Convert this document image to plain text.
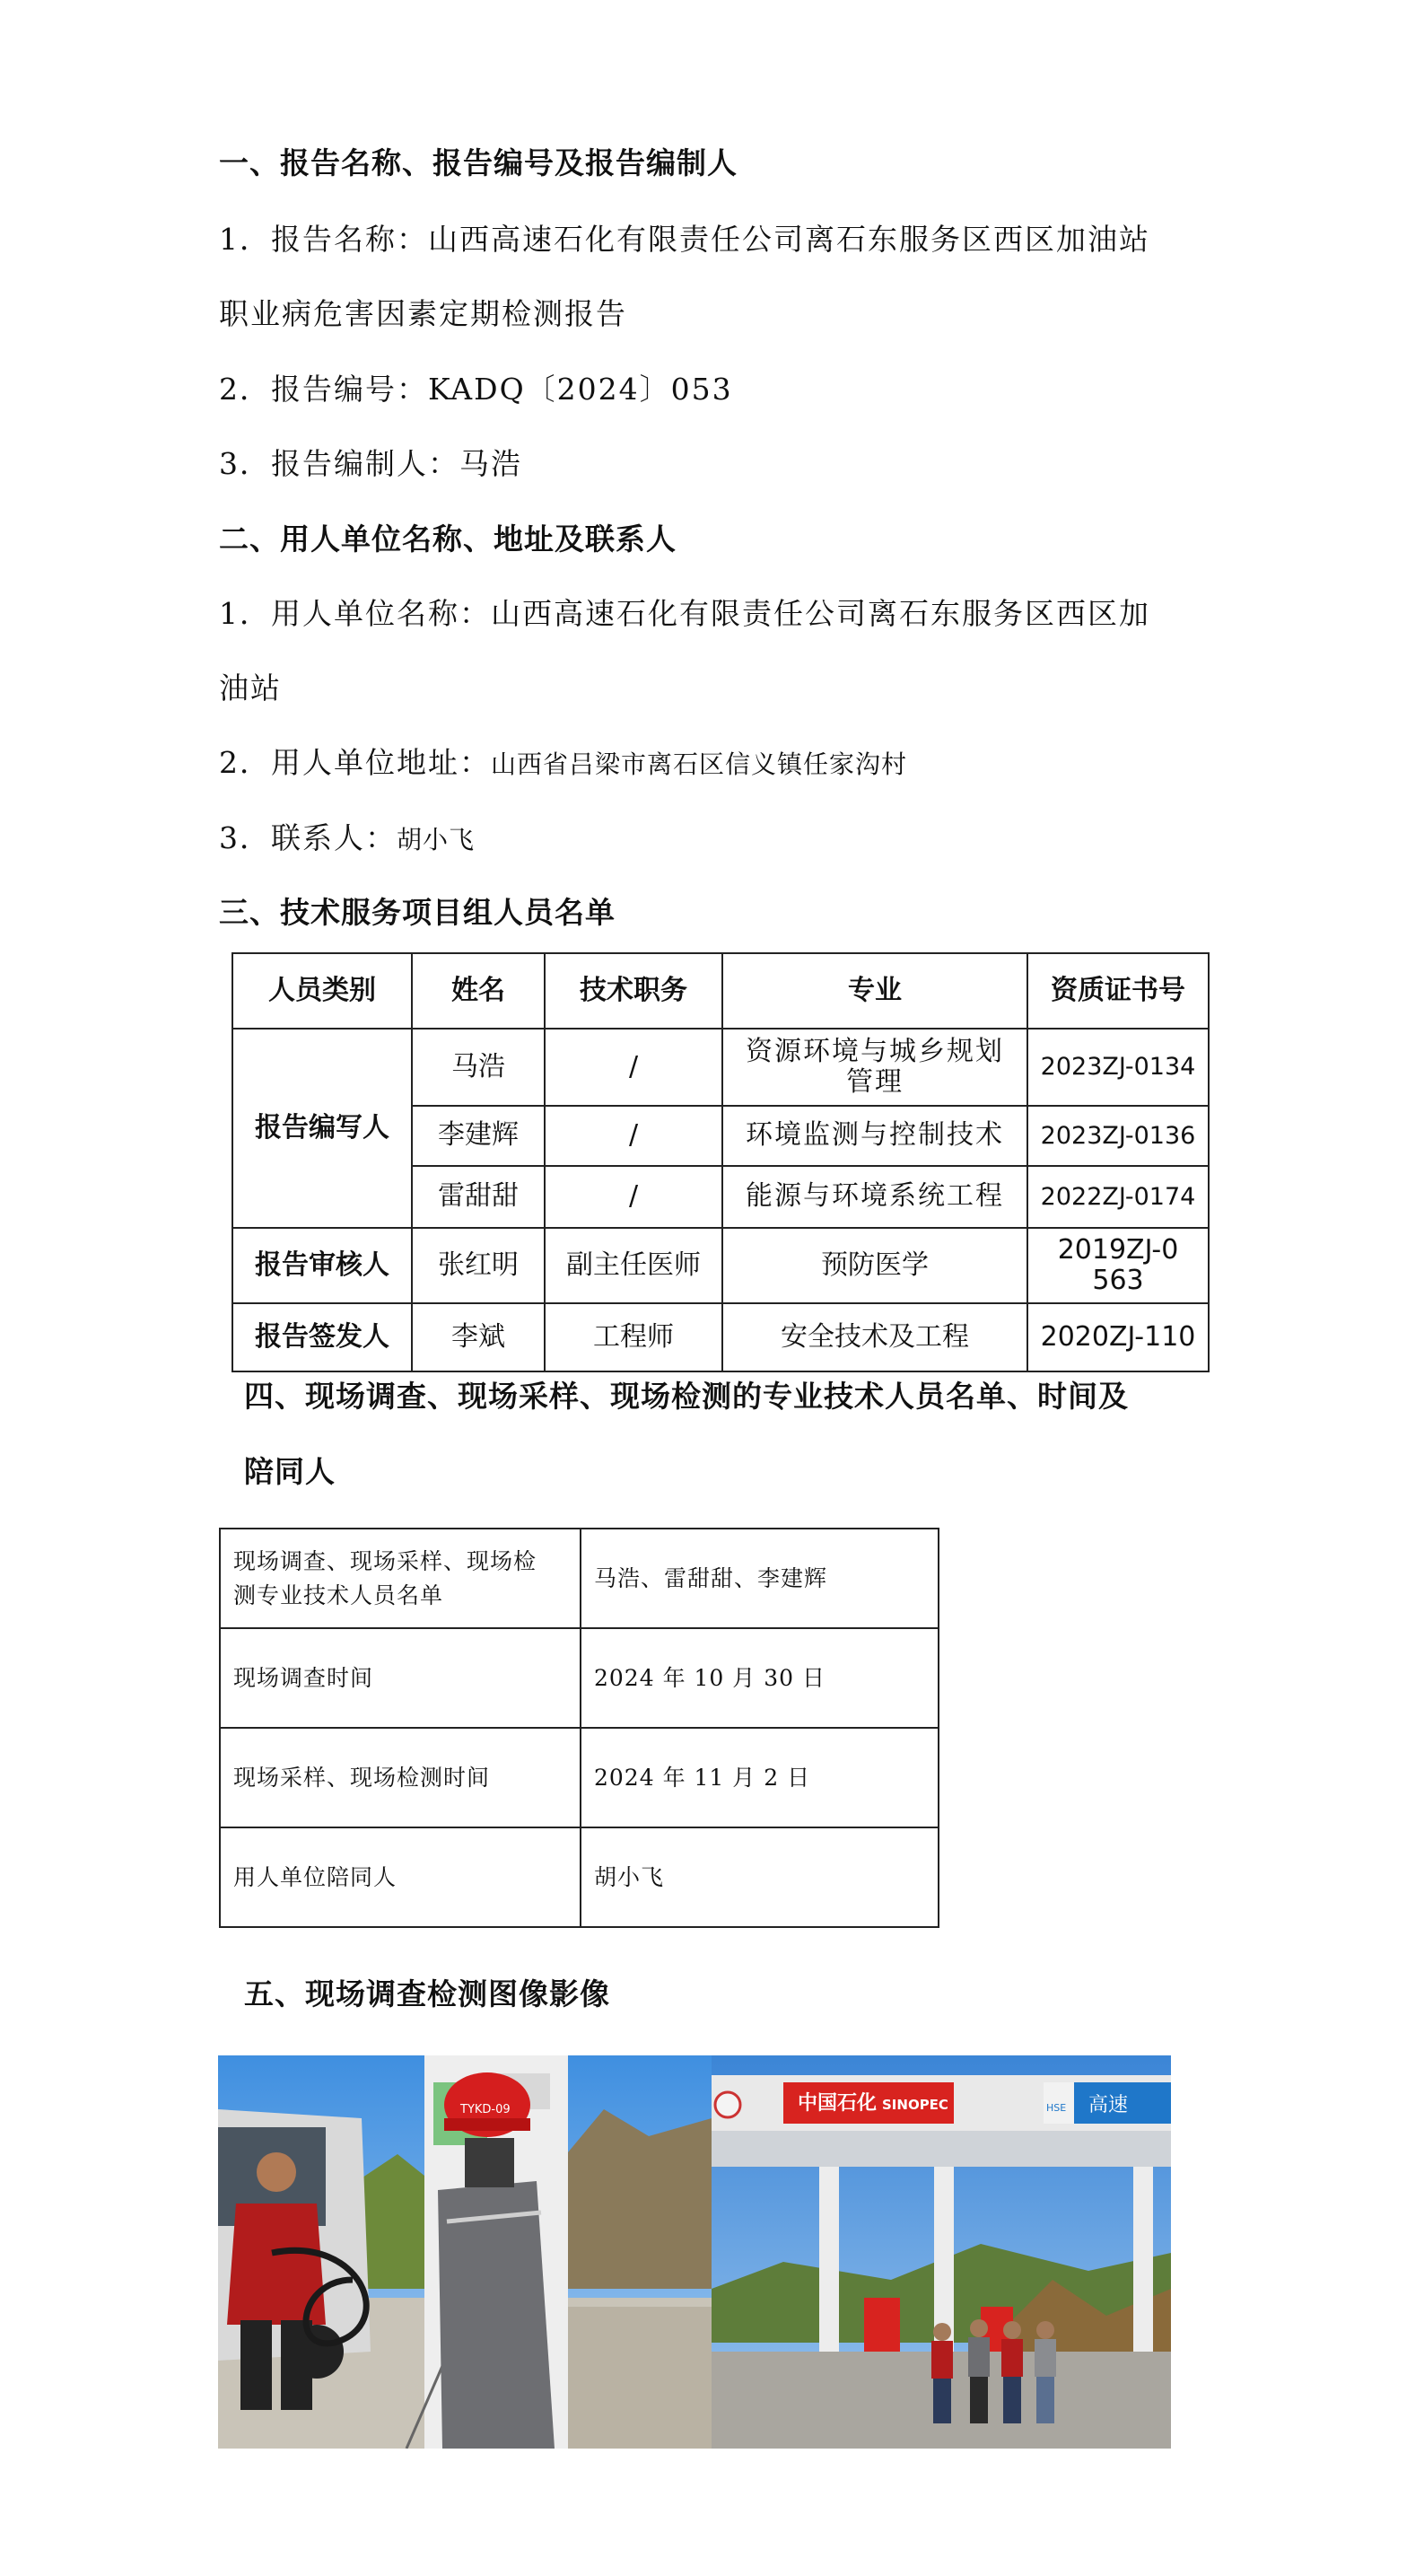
一、报告名称、报告编号及报告编制人
1．报告名称：山西高速石化有限责任公司离石东服务区西区加油站
职业病危害因素定期检测报告
2．报告编号：KADQ〔2024〕053
3．报告编制人：马浩
二、用人单位名称、地址及联系人
1．用人单位名称：山西高速石化有限责任公司离石东服务区西区加
油站
2．用人单位地址：山西省吕梁市离石区信义镇任家沟村
3．联系人：胡小飞
三、技术服务项目组人员名单
人员类别	姓名	技术职务	专业	资质证书号
报告编写人	马浩	/	资源环境与城乡规划管理	2023ZJ-0134
	李建辉	/	环境监测与控制技术	2023ZJ-0136
	雷甜甜	/	能源与环境系统工程	2022ZJ-0174
报告审核人	张红明	副主任医师	预防医学	2019ZJ-0563
报告签发人	李斌	工程师	安全技术及工程	2020ZJ-110
四、现场调查、现场采样、现场检测的专业技术人员名单、时间及
陪同人
现场调查、现场采样、现场检测专业技术人员名单	马浩、雷甜甜、李建辉
现场调查时间	2024 年 10 月 30 日
现场采样、现场检测时间	2024 年 11 月 2 日
用人单位陪同人	胡小飞
五、现场调查检测图像影像
TYKD-09	中国石化 SINOPEC	HSE 高速
